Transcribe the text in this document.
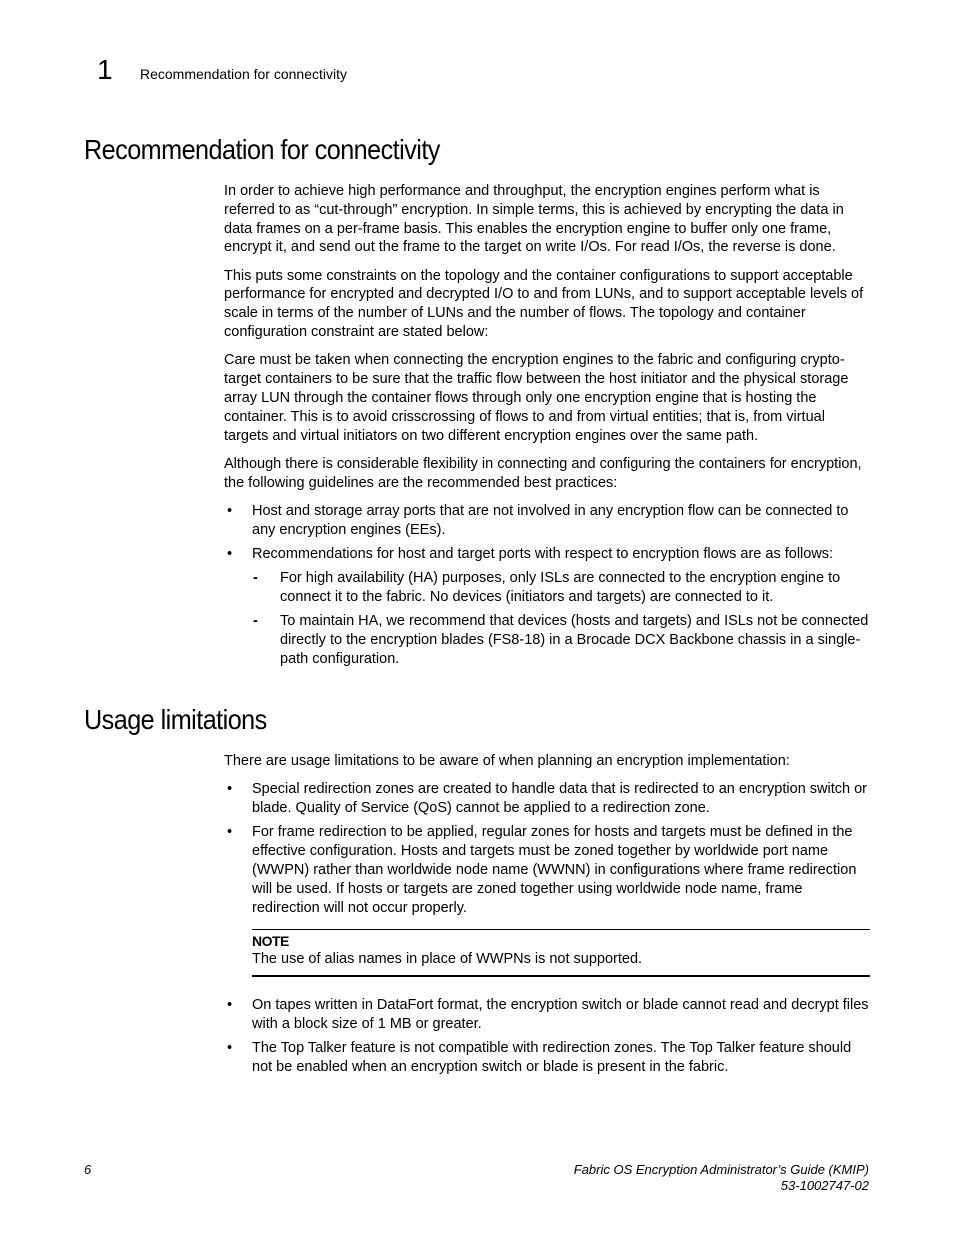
1 Recommendation for connectivity
Recommendation for connectivity

In order to achieve high performance and throughput, the encryption engines perform what is referred to as “cut-through” encryption. In simple terms, this is achieved by encrypting the data in data frames on a per-frame basis. This enables the encryption engine to buffer only one frame, encrypt it, and send out the frame to the target on write I/Os. For read I/Os, the reverse is done.

This puts some constraints on the topology and the container configurations to support acceptable performance for encrypted and decrypted I/O to and from LUNs, and to support acceptable levels of scale in terms of the number of LUNs and the number of flows. The topology and container configuration constraint are stated below:

Care must be taken when connecting the encryption engines to the fabric and configuring crypto-target containers to be sure that the traffic flow between the host initiator and the physical storage array LUN through the container flows through only one encryption engine that is hosting the container. This is to avoid crisscrossing of flows to and from virtual entities; that is, from virtual targets and virtual initiators on two different encryption engines over the same path.

Although there is considerable flexibility in connecting and configuring the containers for encryption, the following guidelines are the recommended best practices:

• Host and storage array ports that are not involved in any encryption flow can be connected to any encryption engines (EEs).
• Recommendations for host and target ports with respect to encryption flows are as follows:
- For high availability (HA) purposes, only ISLs are connected to the encryption engine to connect it to the fabric. No devices (initiators and targets) are connected to it.
- To maintain HA, we recommend that devices (hosts and targets) and ISLs not be connected directly to the encryption blades (FS8-18) in a Brocade DCX Backbone chassis in a single-path configuration.
Usage limitations

There are usage limitations to be aware of when planning an encryption implementation:

• Special redirection zones are created to handle data that is redirected to an encryption switch or blade. Quality of Service (QoS) cannot be applied to a redirection zone.
• For frame redirection to be applied, regular zones for hosts and targets must be defined in the effective configuration. Hosts and targets must be zoned together by worldwide port name (WWPN) rather than worldwide node name (WWNN) in configurations where frame redirection will be used. If hosts or targets are zoned together using worldwide node name, frame redirection will not occur properly.
NOTE
The use of alias names in place of WWPNs is not supported.
• On tapes written in DataFort format, the encryption switch or blade cannot read and decrypt files with a block size of 1 MB or greater.
• The Top Talker feature is not compatible with redirection zones. The Top Talker feature should not be enabled when an encryption switch or blade is present in the fabric.
6	Fabric OS Encryption Administrator’s Guide (KMIP)
53-1002747-02
